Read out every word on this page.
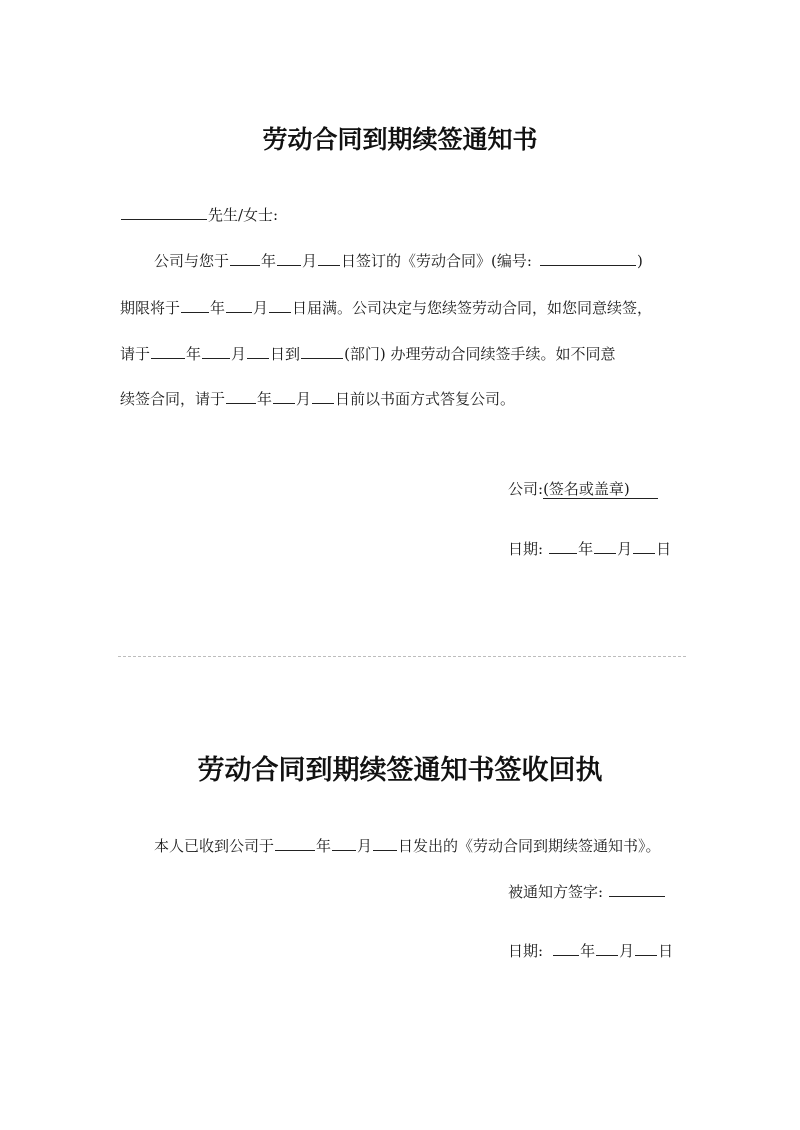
劳动合同到期续签通知书
先生/女士:
公司与您于 年 月 日签订的《劳动合同》(编号:	)
期限将于 年 月 日届满。公司决定与您续签劳动合同，如您同意续签，
请于 年 月 日到	(部门) 办理劳动合同续签手续。如不同意
续签合同，请于 年 月 日前以书面方式答复公司。
公司:(签名或盖章)
日期: 年 月 日
劳动合同到期续签通知书签收回执
本人已收到公司于	年 月 日发出的《劳动合同到期续签通知书》。
被通知方签字:
日期: 年 月 日
